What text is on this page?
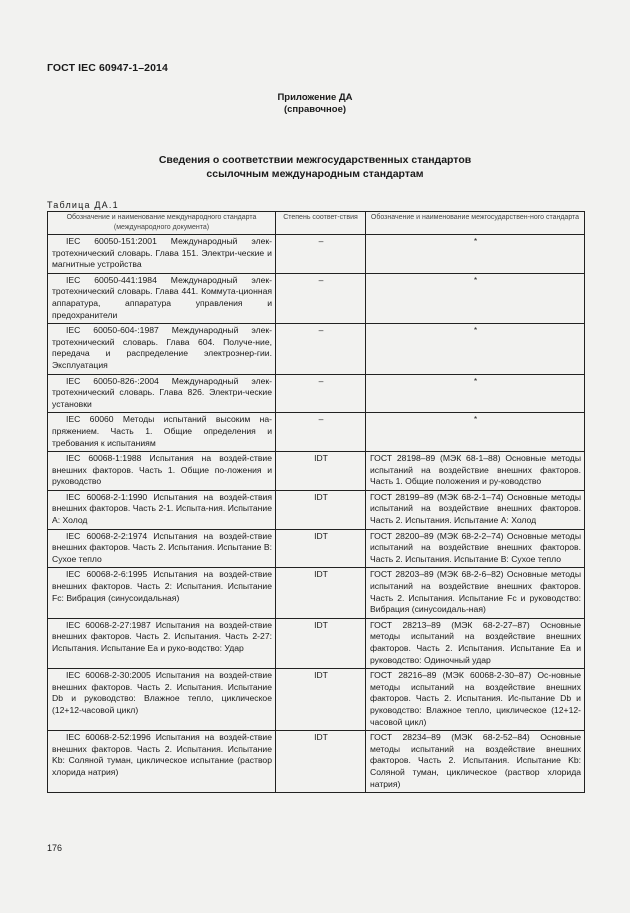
ГОСТ IEC 60947-1–2014
Приложение ДА
(справочное)
Сведения о соответствии межгосударственных стандартов
ссылочным международным стандартам
Таблица ДА.1
Обозначение и наименование международного стандарта (международного документа)	Степень соответ-ствия	Обозначение и наименование межгосударствен-ного стандарта
IEC 60050-151:2001 Международный элек-тротехнический словарь. Глава 151. Электри-ческие и магнитные устройства	–	*
IEC 60050-441:1984 Международный элек-тротехнический словарь. Глава 441. Коммута-ционная аппаратура, аппаратура управления и предохранители	–	*
IEC 60050-604-:1987 Международный элек-тротехнический словарь. Глава 604. Получе-ние, передача и распределение электроэнер-гии. Эксплуатация	–	*
IEC 60050-826-:2004 Международный элек-тротехнический словарь. Глава 826. Электри-ческие установки	–	*
IEC 60060 Методы испытаний высоким на-пряжением. Часть 1. Общие определения и требования к испытаниям	–	*
IEC 60068-1:1988 Испытания на воздей-ствие внешних факторов. Часть 1. Общие по-ложения и руководство	IDT	ГОСТ 28198–89 (МЭК 68-1–88) Основные методы испытаний на воздействие внешних факторов. Часть 1. Общие положения и ру-ководство
IEC 60068-2-1:1990 Испытания на воздей-ствия внешних факторов. Часть 2-1. Испыта-ния. Испытание А: Холод	IDT	ГОСТ 28199–89 (МЭК 68-2-1–74) Основные методы испытаний на воздействие внешних факторов. Часть 2. Испытания. Испытание А: Холод
IEC 60068-2-2:1974 Испытания на воздей-ствие внешних факторов. Часть 2. Испытания. Испытание В: Сухое тепло	IDT	ГОСТ 28200–89 (МЭК 68-2-2–74) Основные методы испытаний на воздействие внешних факторов. Часть 2. Испытания. Испытание В: Сухое тепло
IEC 60068-2-6:1995 Испытания на воздей-ствие внешних факторов. Часть 2: Испытания. Испытание Fc: Вибрация (синусоидальная)	IDT	ГОСТ 28203–89 (МЭК 68-2-6–82) Основные методы испытаний на воздействие внешних факторов. Часть 2. Испытания. Испытание Fc и руководство: Вибрация (синусоидаль-ная)
IEC 60068-2-27:1987 Испытания на воздей-ствие внешних факторов. Часть 2. Испытания. Часть 2-27: Испытания. Испытание Еа и руко-водство: Удар	IDT	ГОСТ 28213–89 (МЭК 68-2-27–87) Основные методы испытаний на воздействие внешних факторов. Часть 2. Испытания. Испытание Еа и руководство: Одиночный удар
IEC 60068-2-30:2005 Испытания на воздей-ствие внешних факторов. Часть 2. Испытания. Испытание Db и руководство: Влажное тепло, циклическое (12+12-часовой цикл)	IDT	ГОСТ 28216–89 (МЭК 60068-2-30–87) Ос-новные методы испытаний на воздействие внешних факторов. Часть 2. Испытания. Ис-пытание Db и руководство: Влажное тепло, циклическое (12+12-часовой цикл)
IEC 60068-2-52:1996 Испытания на воздей-ствие внешних факторов. Часть 2. Испытания. Испытание Kb: Соляной туман, циклическое испытание (раствор хлорида натрия)	IDT	ГОСТ 28234–89 (МЭК 68-2-52–84) Основные методы испытаний на воздействие внешних факторов. Часть 2. Испытания. Испытание Kb: Соляной туман, циклическое (раствор хлорида натрия)
176
